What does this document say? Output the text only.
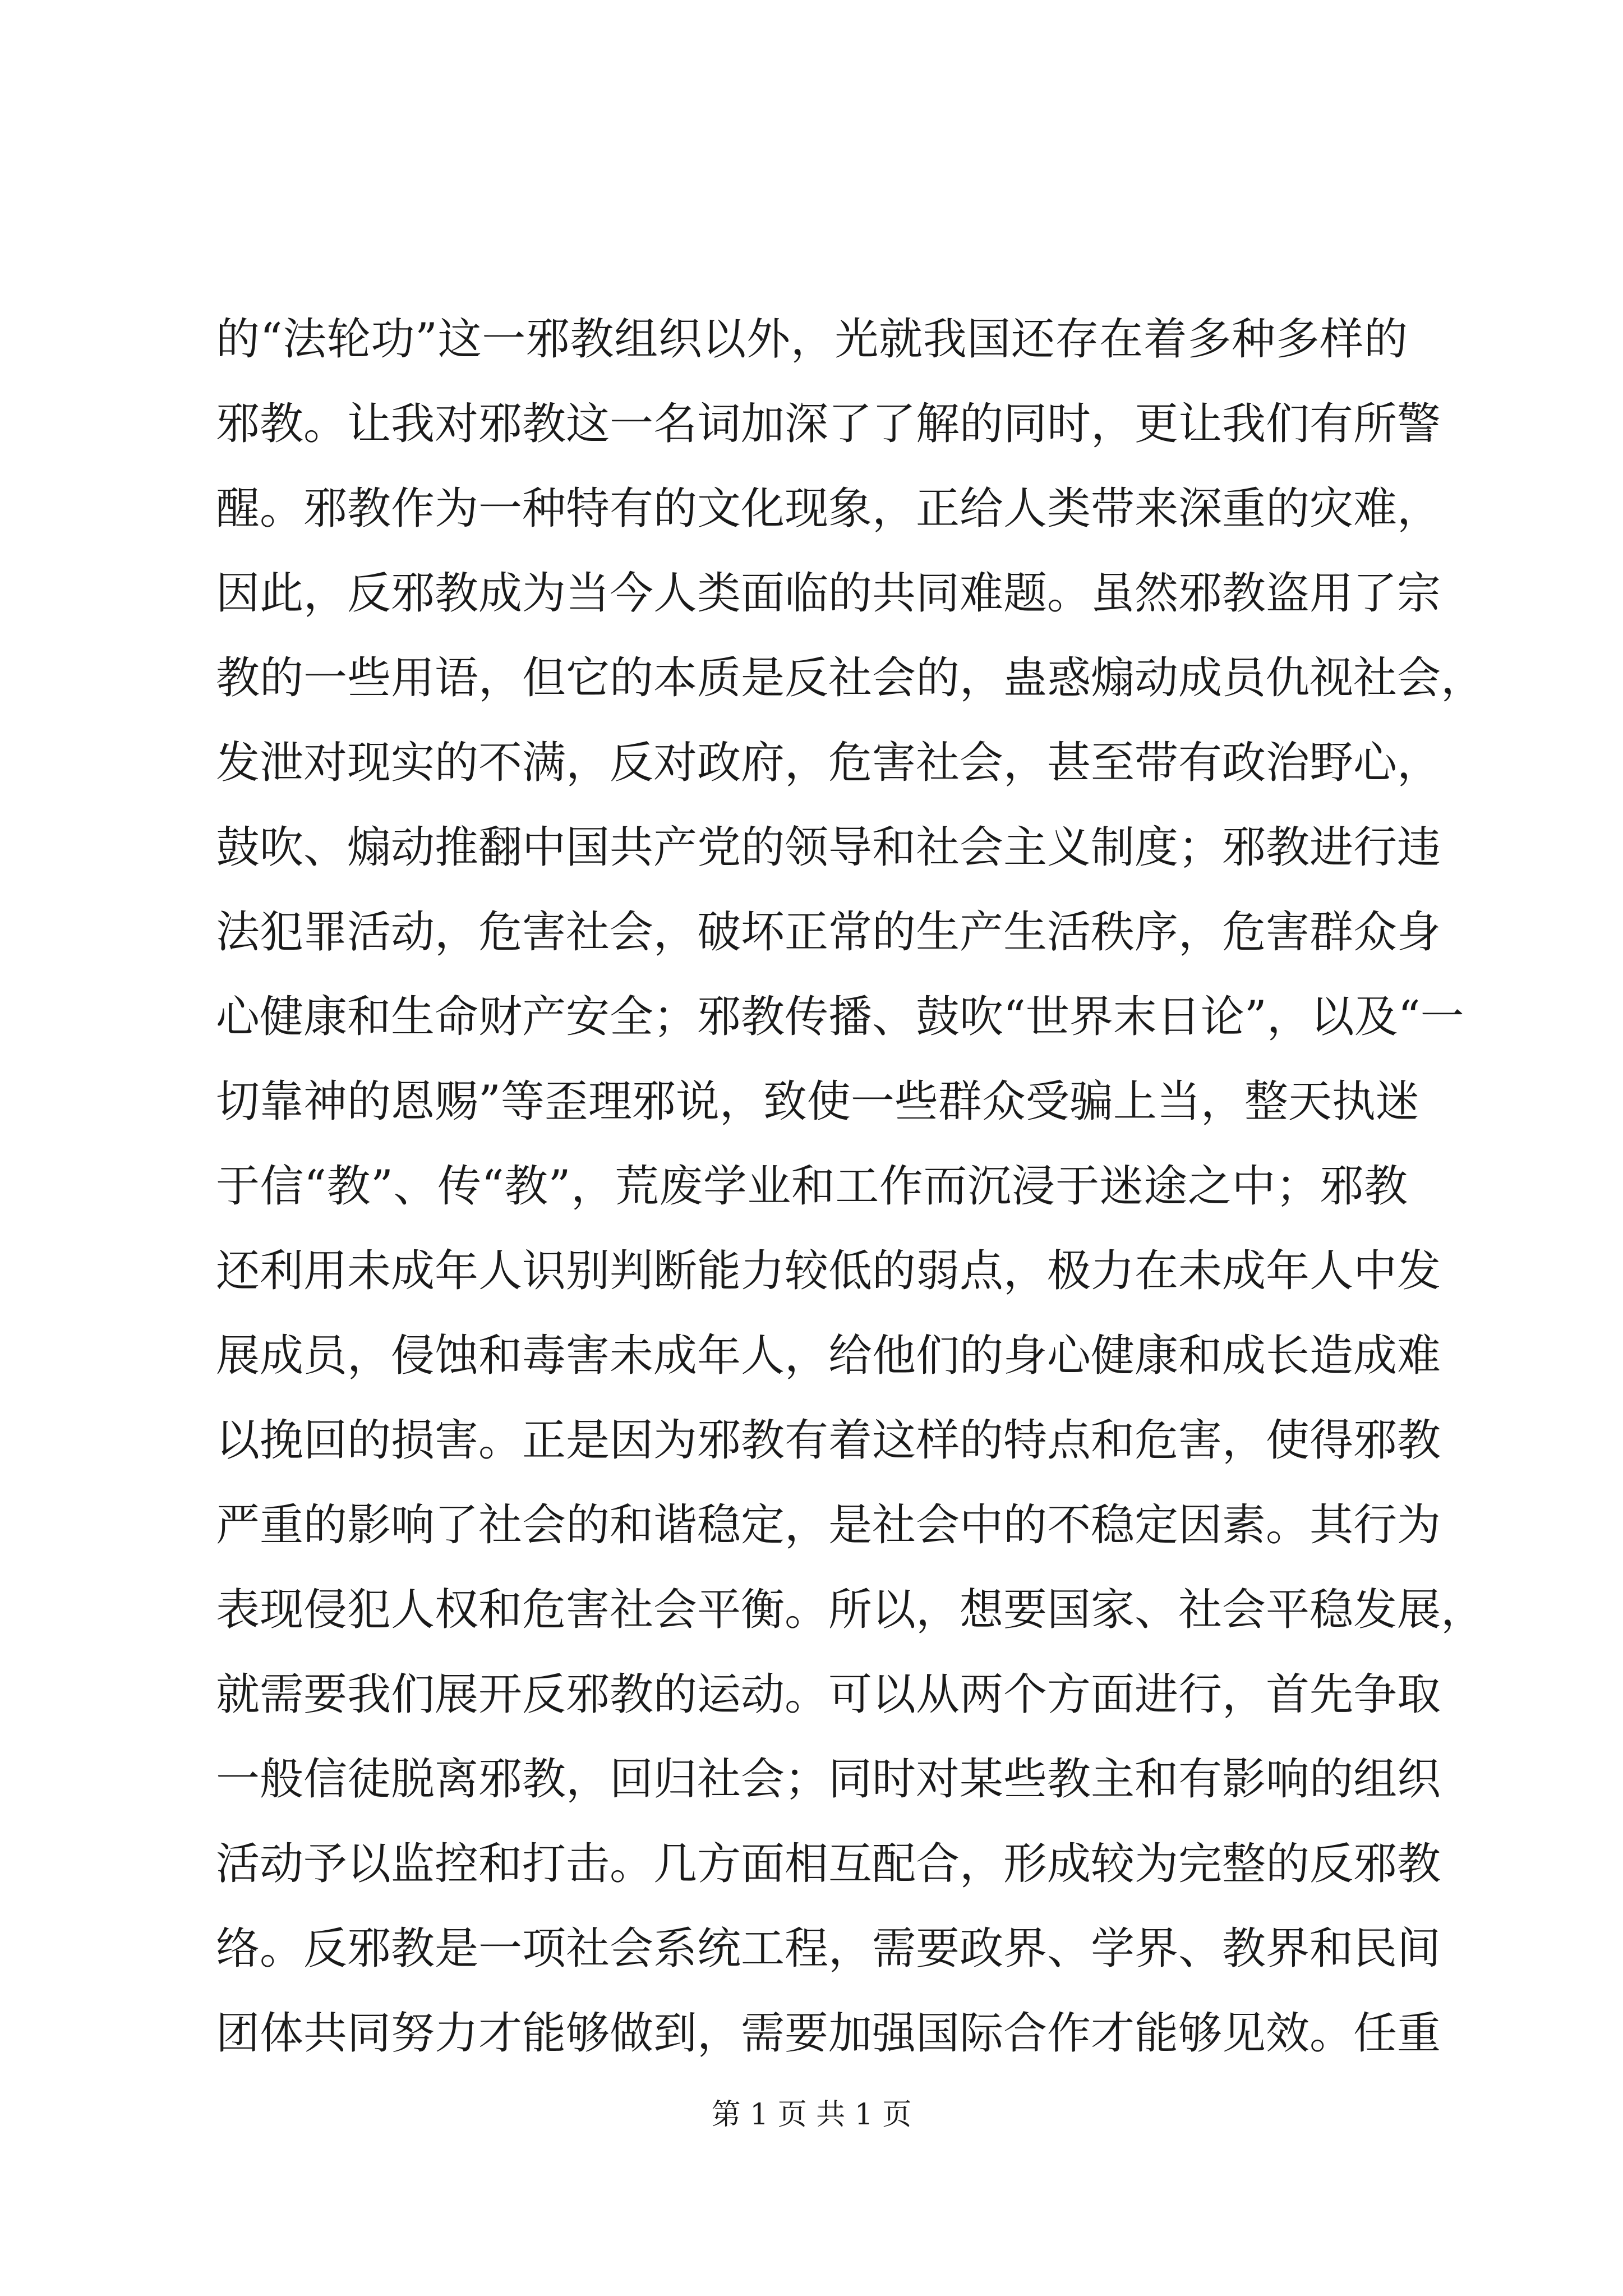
的“法轮功”这一邪教组织以外，光就我国还存在着多种多样的
邪教。让我对邪教这一名词加深了了解的同时，更让我们有所警
醒。邪教作为一种特有的文化现象，正给人类带来深重的灾难，
因此，反邪教成为当今人类面临的共同难题。虽然邪教盗用了宗
教的一些用语，但它的本质是反社会的，蛊惑煽动成员仇视社会，
发泄对现实的不满，反对政府，危害社会，甚至带有政治野心，
鼓吹、煽动推翻中国共产党的领导和社会主义制度；邪教进行违
法犯罪活动，危害社会，破坏正常的生产生活秩序，危害群众身
心健康和生命财产安全；邪教传播、鼓吹“世界末日论”，以及“一
切靠神的恩赐”等歪理邪说，致使一些群众受骗上当，整天执迷
于信“教”、传“教”，荒废学业和工作而沉浸于迷途之中；邪教
还利用未成年人识别判断能力较低的弱点，极力在未成年人中发
展成员，侵蚀和毒害未成年人，给他们的身心健康和成长造成难
以挽回的损害。正是因为邪教有着这样的特点和危害，使得邪教
严重的影响了社会的和谐稳定，是社会中的不稳定因素。其行为
表现侵犯人权和危害社会平衡。所以，想要国家、社会平稳发展，
就需要我们展开反邪教的运动。可以从两个方面进行，首先争取
一般信徒脱离邪教，回归社会；同时对某些教主和有影响的组织
活动予以监控和打击。几方面相互配合，形成较为完整的反邪教
络。反邪教是一项社会系统工程，需要政界、学界、教界和民间
团体共同努力才能够做到，需要加强国际合作才能够见效。任重
第 1 页 共 1 页
